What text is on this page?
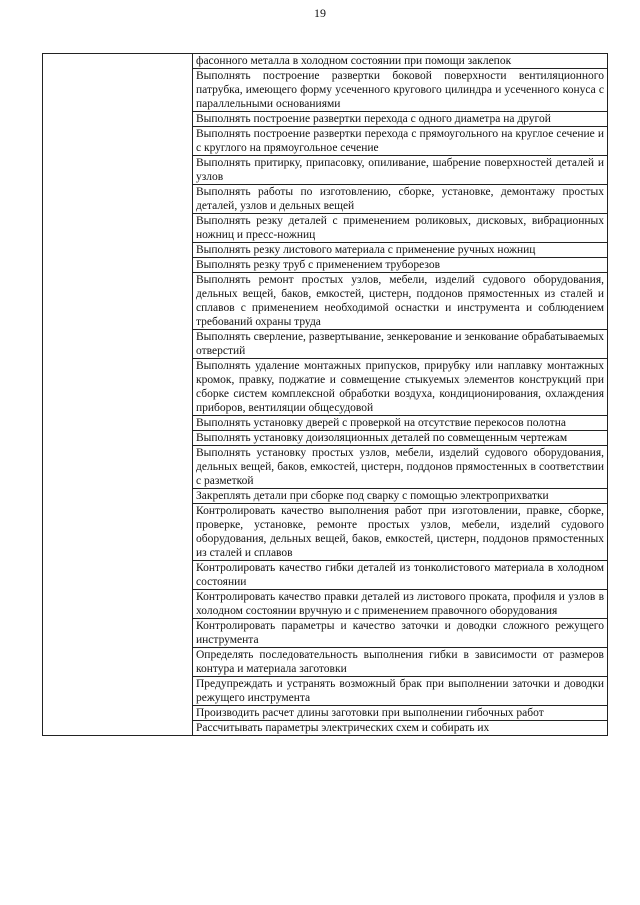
19

фасонного металла в холодном состоянии при помощи заклепок

Выполнять построение развертки боковой поверхности вентиляционного патрубка, имеющего форму усеченного кругового цилиндра и усеченного конуса с параллельными основаниями

Выполнять построение развертки перехода с одного диаметра на другой

Выполнять построение развертки перехода с прямоугольного на круглое сечение и с круглого на прямоугольное сечение

Выполнять притирку, припасовку, опиливание, шабрение поверхностей деталей и узлов

Выполнять работы по изготовлению, сборке, установке, демонтажу простых деталей, узлов и дельных вещей

Выполнять резку деталей с применением роликовых, дисковых, вибрационных ножниц и пресс-ножниц

Выполнять резку листового материала с применение ручных ножниц

Выполнять резку труб с применением труборезов

Выполнять ремонт простых узлов, мебели, изделий судового оборудования, дельных вещей, баков, емкостей, цистерн, поддонов прямостенных из сталей и сплавов с применением необходимой оснастки и инструмента и соблюдением требований охраны труда

Выполнять сверление, развертывание, зенкерование и зенкование обрабатываемых отверстий

Выполнять удаление монтажных припусков, прирубку или наплавку монтажных кромок, правку, поджатие и совмещение стыкуемых элементов конструкций при сборке систем комплексной обработки воздуха, кондиционирования, охлаждения приборов, вентиляции общесудовой

Выполнять установку дверей с проверкой на отсутствие перекосов полотна

Выполнять установку доизоляционных деталей по совмещенным чертежам

Выполнять установку простых узлов, мебели, изделий судового оборудования, дельных вещей, баков, емкостей, цистерн, поддонов прямостенных в соответствии с разметкой

Закреплять детали при сборке под сварку с помощью электроприхватки

Контролировать качество выполнения работ при изготовлении, правке, сборке, проверке, установке, ремонте простых узлов, мебели, изделий судового оборудования, дельных вещей, баков, емкостей, цистерн, поддонов прямостенных из сталей и сплавов

Контролировать качество гибки деталей из тонколистового материала в холодном состоянии

Контролировать качество правки деталей из листового проката, профиля и узлов в холодном состоянии вручную и с применением правочного оборудования

Контролировать параметры и качество заточки и доводки сложного режущего инструмента

Определять последовательность выполнения гибки в зависимости от размеров контура и материала заготовки

Предупреждать и устранять возможный брак при выполнении заточки и доводки режущего инструмента

Производить расчет длины заготовки при выполнении гибочных работ

Рассчитывать параметры электрических схем и собирать их
